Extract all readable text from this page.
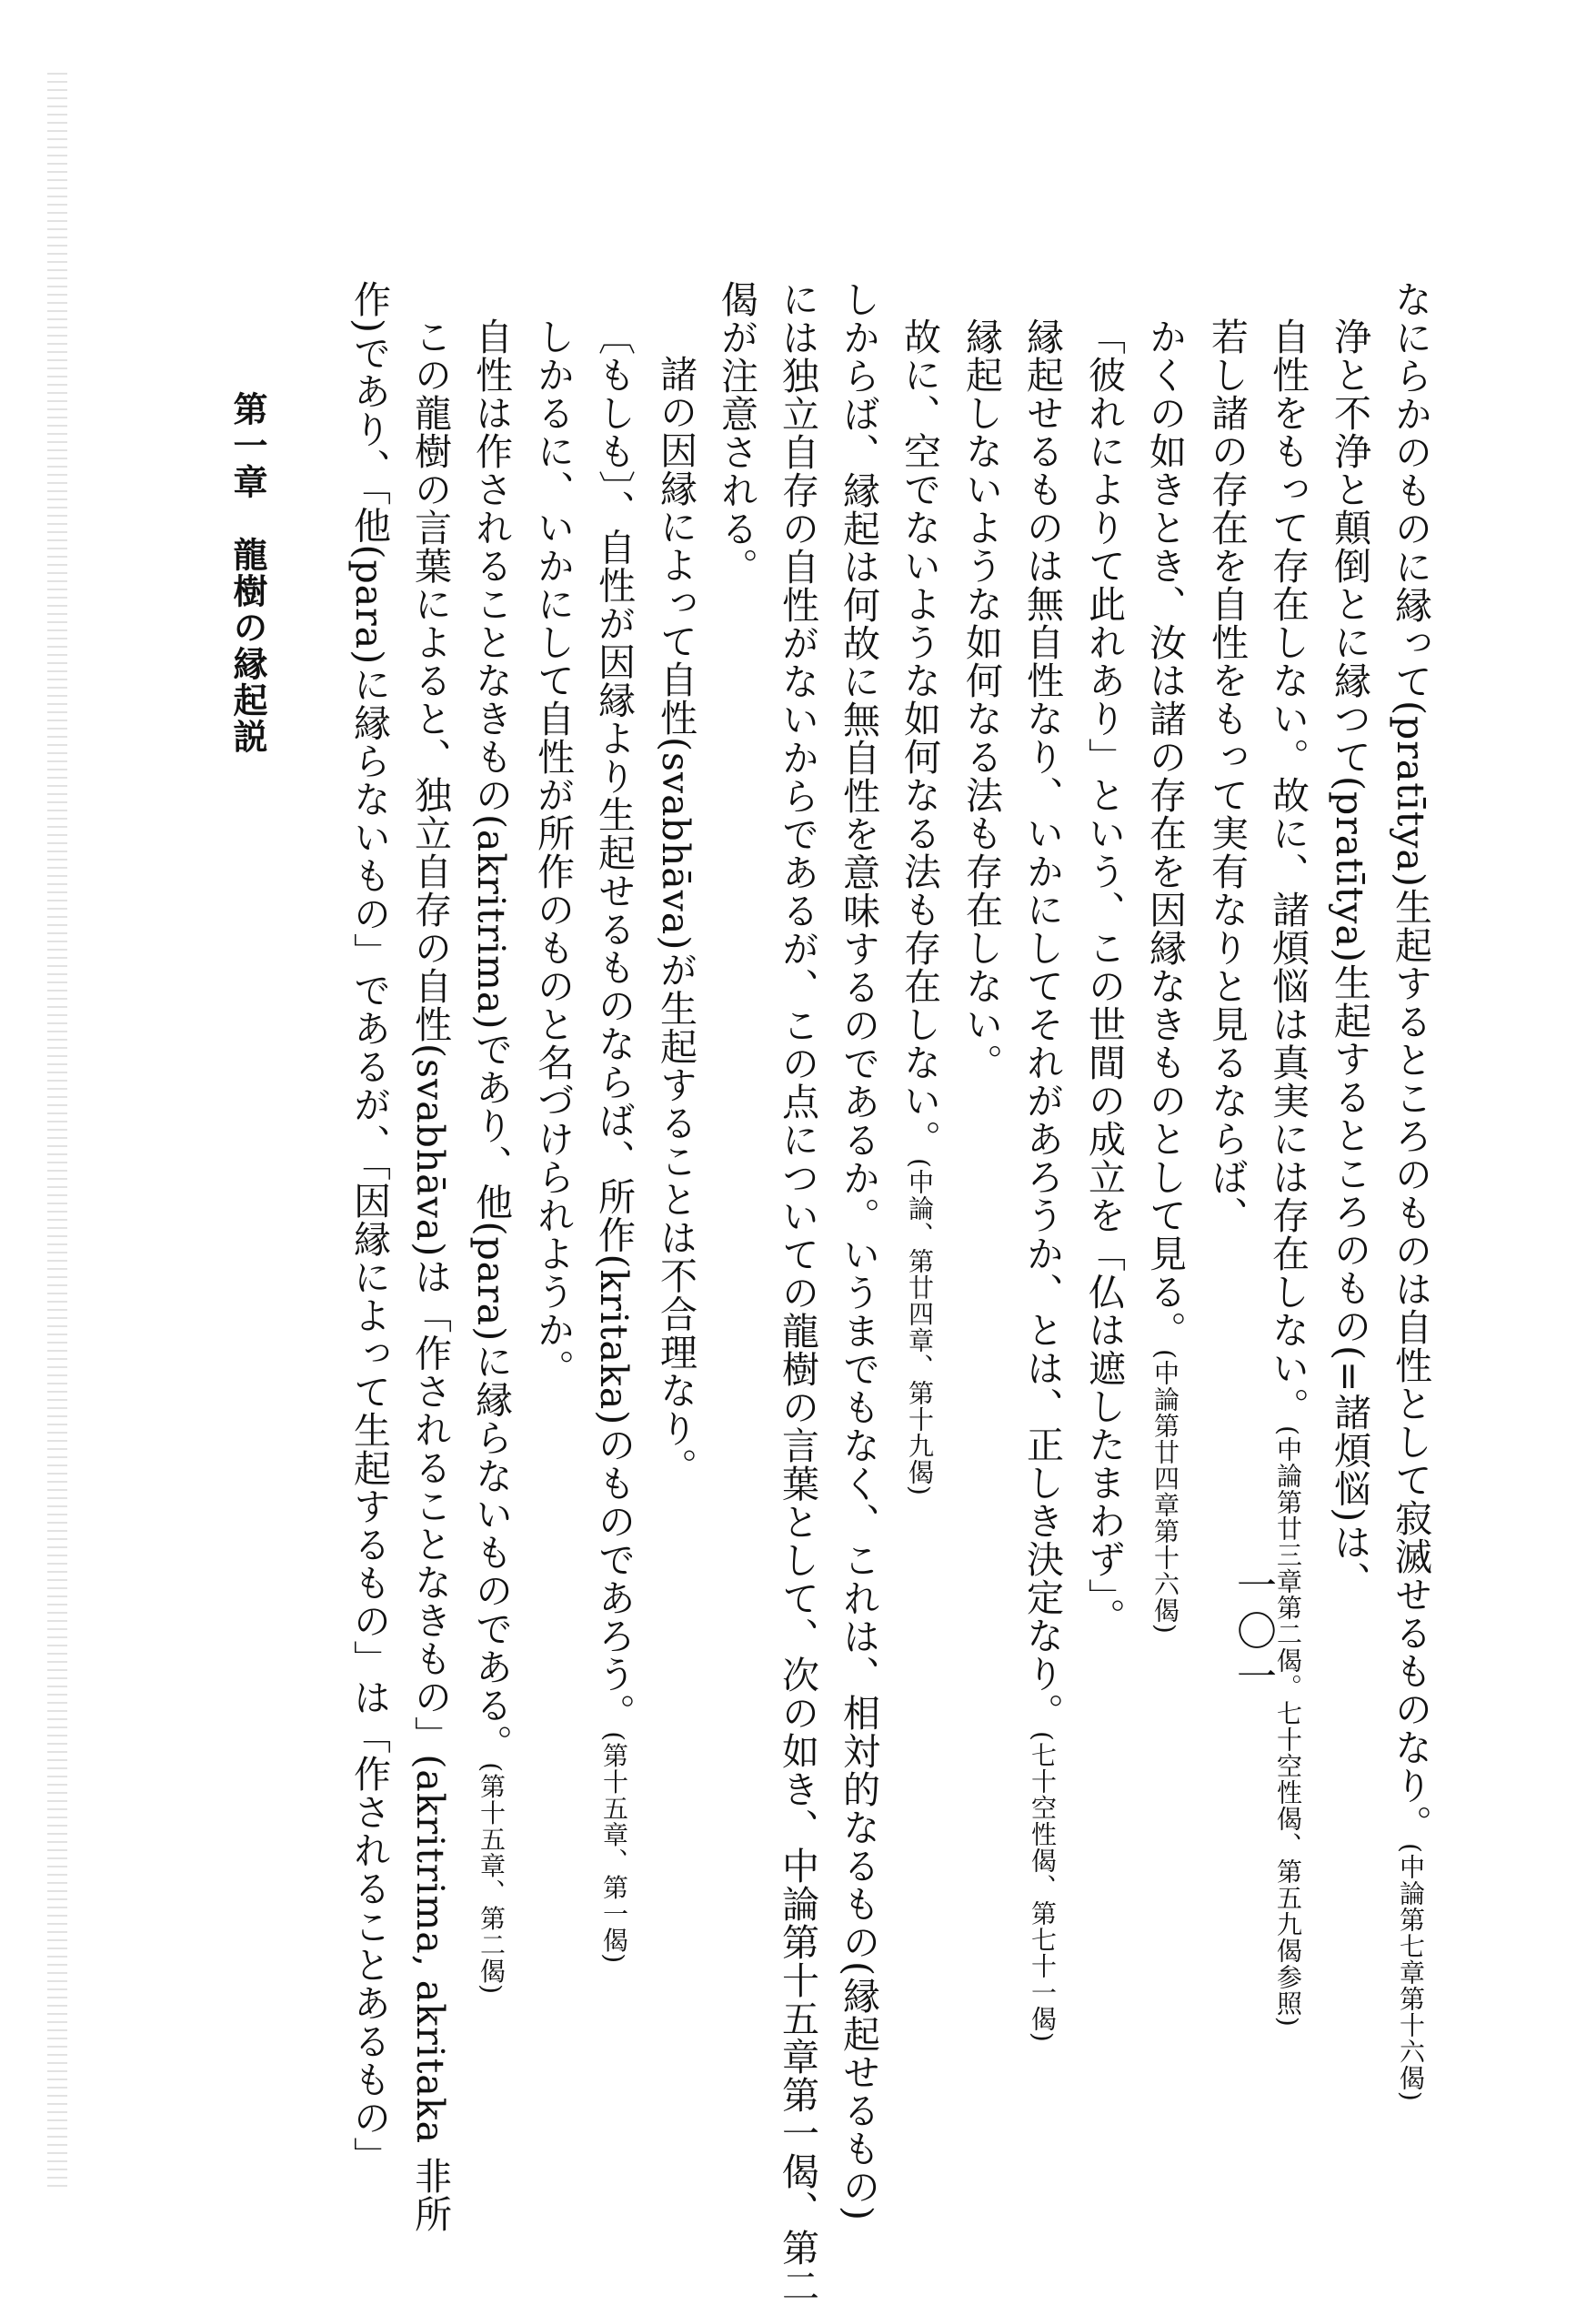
なにらかのものに縁って(pratītya)生起するところのものは自性として寂滅せるものなり。(中論第七章第十六偈)
浄と不浄と顛倒とに縁つて(pratītya)生起するところのもの(=諸煩悩)は、
自性をもって存在しない。故に、諸煩悩は真実には存在しない。(中論第廿三章第二偈。七十空性偈、第五九偈参照)
若し諸の存在を自性をもって実有なりと見るならば、
かくの如きとき、汝は諸の存在を因縁なきものとして見る。(中論第廿四章第十六偈)
「彼れによりて此れあり」という、この世間の成立を「仏は遮したまわず」。
縁起せるものは無自性なり、いかにしてそれがあろうか、とは、正しき決定なり。(七十空性偈、第七十一偈)
縁起しないような如何なる法も存在しない。
故に、空でないような如何なる法も存在しない。(中論、第廿四章、第十九偈)
しからば、縁起は何故に無自性を意味するのであるか。いうまでもなく、これは、相対的なるもの(縁起せるもの)
には独立自存の自性がないからであるが、この点についての龍樹の言葉として、次の如き、中論第十五章第一偈、第二
偈が注意される。
諸の因縁によって自性(svabhāva)が生起することは不合理なり。
〔もしも〕、自性が因縁より生起せるものならば、所作(kritaka)のものであろう。(第十五章、第一偈)
しかるに、いかにして自性が所作のものと名づけられようか。
自性は作されることなきもの(akritrima)であり、他(para)に縁らないものである。(第十五章、第二偈)
この龍樹の言葉によると、独立自存の自性(svabhāva)は「作されることなきもの」(akritrima, akritaka 非所
作)であり、「他(para)に縁らないもの」であるが、「因縁によって生起するもの」は「作されることあるもの」
第一章　龍樹の縁起説
一〇一
